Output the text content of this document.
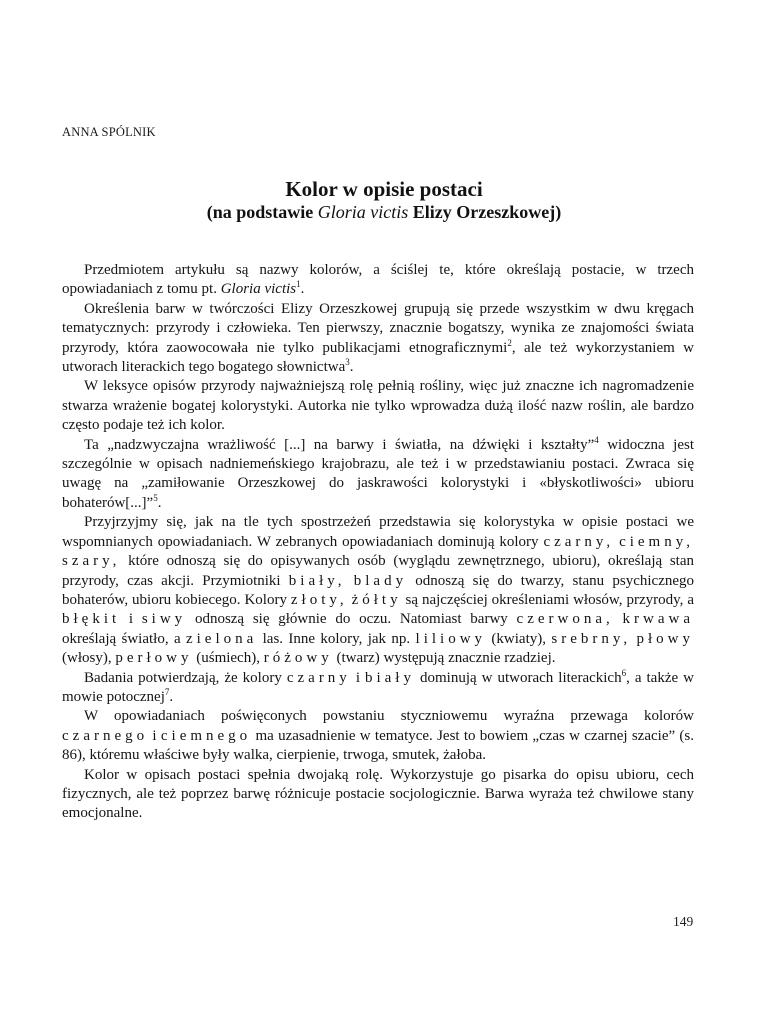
ANNA SPÓLNIK
Kolor w opisie postaci
(na podstawie Gloria victis Elizy Orzeszkowej)

Przedmiotem artykułu są nazwy kolorów, a ściślej te, które określają postacie, w trzech opowiadaniach z tomu pt. Gloria victis$^1$.

Określenia barw w twórczości Elizy Orzeszkowej grupują się przede wszystkim w dwu kręgach tematycznych: przyrody i człowieka. Ten pierwszy, znacznie bogatszy, wynika ze znajomości świata przyrody, która zaowocowała nie tylko publikacjami etnograficznymi$^2$, ale też wykorzystaniem w utworach literackich tego bogatego słownictwa$^3$.

W leksyce opisów przyrody najważniejszą rolę pełnią rośliny, więc już znaczne ich nagromadzenie stwarza wrażenie bogatej kolorystyki. Autorka nie tylko wprowadza dużą ilość nazw roślin, ale bardzo często podaje też ich kolor.

Ta „nadzwyczajna wrażliwość [...] na barwy i światła, na dźwięki i kształty”$^4$ widoczna jest szczególnie w opisach nadniemeńskiego krajobrazu, ale też i w przedstawianiu postaci. Zwraca się uwagę na „zamiłowanie Orzeszkowej do jaskrawości kolorystyki i «błyskotliwości» ubioru bohaterów[...]”$^5$.

Przyjrzyjmy się, jak na tle tych spostrzeżeń przedstawia się kolorystyka w opisie postaci we wspomnianych opowiadaniach. W zebranych opowiadaniach dominują kolory czarny, ciemny, szary, które odnoszą się do opisywanych osób (wyglądu zewnętrznego, ubioru), określają stan przyrody, czas akcji. Przymiotniki biały, blady odnoszą się do twarzy, stanu psychicznego bohaterów, ubioru kobiecego. Kolory złoty, żółty są najczęściej określeniami włosów, przyrody, a błękit i siwy odnoszą się głównie do oczu. Natomiast barwy czerwona, krwawa określają światło, a zielona las. Inne kolory, jak np. liliowy (kwiaty), srebrny, płowy (włosy), perłowy (uśmiech), różowy (twarz) występują znacznie rzadziej.

Badania potwierdzają, że kolory czarny i biały dominują w utworach literackich$^6$, a także w mowie potocznej$^7$.

W opowiadaniach poświęconych powstaniu styczniowemu wyraźna przewaga kolorów czarnego i ciemnego ma uzasadnienie w tematyce. Jest to bowiem „czas w czarnej szacie” (s. 86), któremu właściwe były walka, cierpienie, trwoga, smutek, żałoba.

Kolor w opisach postaci spełnia dwojaką rolę. Wykorzystuje go pisarka do opisu ubioru, cech fizycznych, ale też poprzez barwę różnicuje postacie socjologicznie. Barwa wyraża też chwilowe stany emocjonalne.

149
